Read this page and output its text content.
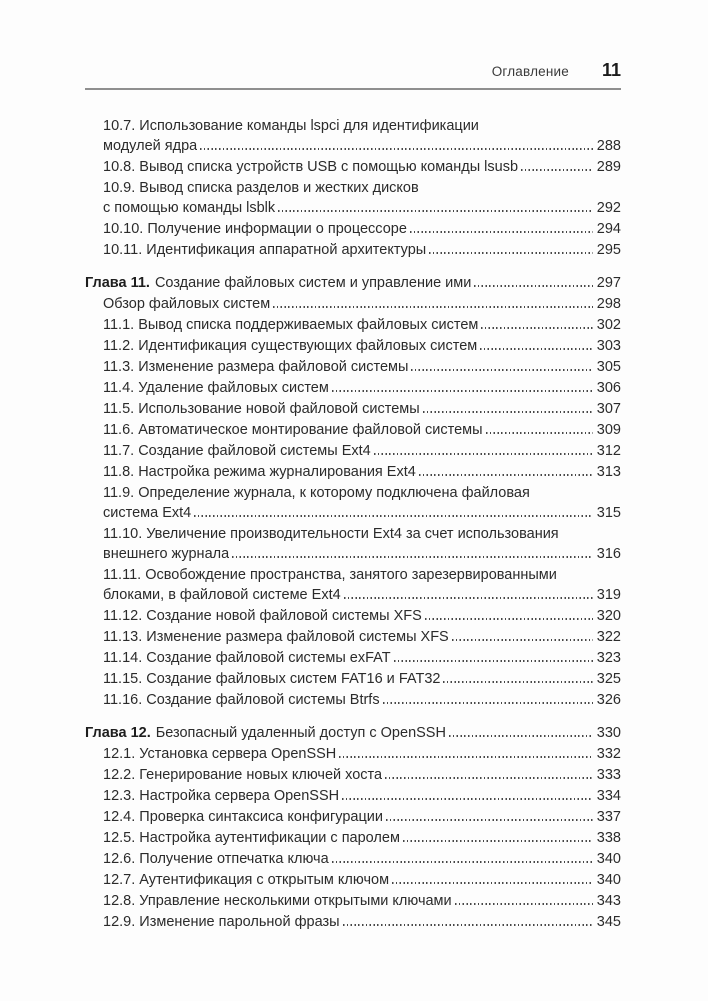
Оглавление 11
10.7. Использование команды lspci для идентификации
модулей ядра	288
10.8. Вывод списка устройств USB с помощью команды lsusb	289
10.9. Вывод списка разделов и жестких дисков
с помощью команды lsblk	292
10.10. Получение информации о процессоре	294
10.11. Идентификация аппаратной архитектуры	295
Глава 11. Создание файловых систем и управление ими	297
Обзор файловых систем	298
11.1. Вывод списка поддерживаемых файловых систем	302
11.2. Идентификация существующих файловых систем	303
11.3. Изменение размера файловой системы	305
11.4. Удаление файловых систем	306
11.5. Использование новой файловой системы	307
11.6. Автоматическое монтирование файловой системы	309
11.7. Создание файловой системы Ext4	312
11.8. Настройка режима журналирования Ext4	313
11.9. Определение журнала, к которому подключена файловая
система Ext4	315
11.10. Увеличение производительности Ext4 за счет использования
внешнего журнала	316
11.11. Освобождение пространства, занятого зарезервированными
блоками, в файловой системе Ext4	319
11.12. Создание новой файловой системы XFS	320
11.13. Изменение размера файловой системы XFS	322
11.14. Создание файловой системы exFAT	323
11.15. Создание файловых систем FAT16 и FAT32	325
11.16. Создание файловой системы Btrfs	326
Глава 12. Безопасный удаленный доступ с OpenSSH	330
12.1. Установка сервера OpenSSH	332
12.2. Генерирование новых ключей хоста	333
12.3. Настройка сервера OpenSSH	334
12.4. Проверка синтаксиса конфигурации	337
12.5. Настройка аутентификации с паролем	338
12.6. Получение отпечатка ключа	340
12.7. Аутентификация с открытым ключом	340
12.8. Управление несколькими открытыми ключами	343
12.9. Изменение парольной фразы	345
